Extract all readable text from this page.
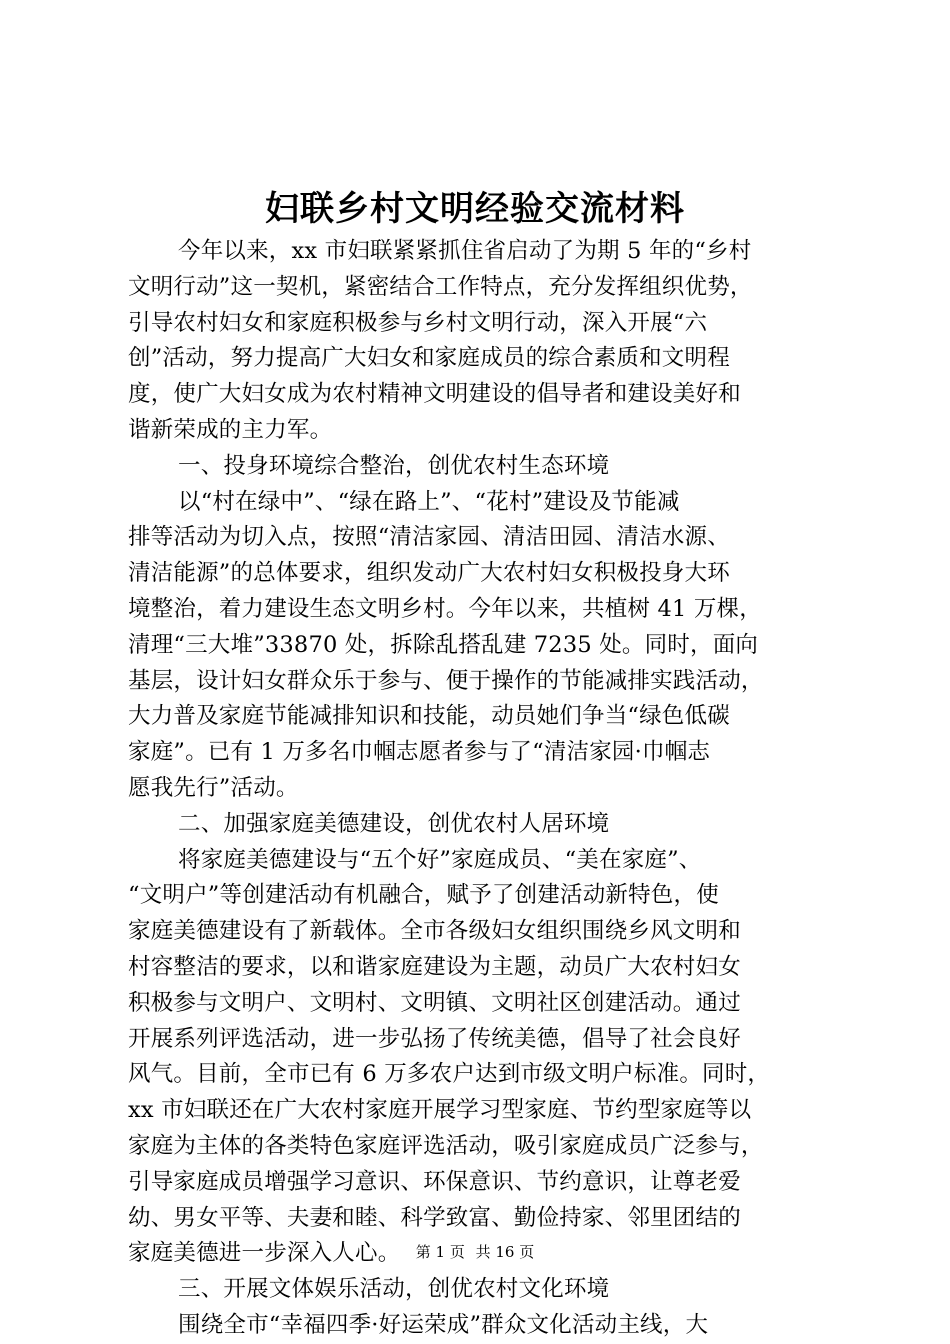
妇联乡村文明经验交流材料
今年以来，xx 市妇联紧紧抓住省启动了为期 5 年的“乡村
文明行动”这一契机，紧密结合工作特点，充分发挥组织优势，
引导农村妇女和家庭积极参与乡村文明行动，深入开展“六
创”活动，努力提高广大妇女和家庭成员的综合素质和文明程
度，使广大妇女成为农村精神文明建设的倡导者和建设美好和
谐新荣成的主力军。
一、投身环境综合整治，创优农村生态环境
以“村在绿中”、“绿在路上”、“花村”建设及节能减
排等活动为切入点，按照“清洁家园、清洁田园、清洁水源、
清洁能源”的总体要求，组织发动广大农村妇女积极投身大环
境整治，着力建设生态文明乡村。今年以来，共植树 41 万棵，
清理“三大堆”33870 处，拆除乱搭乱建 7235 处。同时，面向
基层，设计妇女群众乐于参与、便于操作的节能减排实践活动，
大力普及家庭节能减排知识和技能，动员她们争当“绿色低碳
家庭”。已有 1 万多名巾帼志愿者参与了“清洁家园·巾帼志
愿我先行”活动。
二、加强家庭美德建设，创优农村人居环境
将家庭美德建设与“五个好”家庭成员、“美在家庭”、
“文明户”等创建活动有机融合，赋予了创建活动新特色，使
家庭美德建设有了新载体。全市各级妇女组织围绕乡风文明和
村容整洁的要求，以和谐家庭建设为主题，动员广大农村妇女
积极参与文明户、文明村、文明镇、文明社区创建活动。通过
开展系列评选活动，进一步弘扬了传统美德，倡导了社会良好
风气。目前，全市已有 6 万多农户达到市级文明户标准。同时，
xx 市妇联还在广大农村家庭开展学习型家庭、节约型家庭等以
家庭为主体的各类特色家庭评选活动，吸引家庭成员广泛参与，
引导家庭成员增强学习意识、环保意识、节约意识，让尊老爱
幼、男女平等、夫妻和睦、科学致富、勤俭持家、邻里团结的
家庭美德进一步深入人心。
三、开展文体娱乐活动，创优农村文化环境
围绕全市“幸福四季·好运荣成”群众文化活动主线，大
第 1 页 共 16 页
